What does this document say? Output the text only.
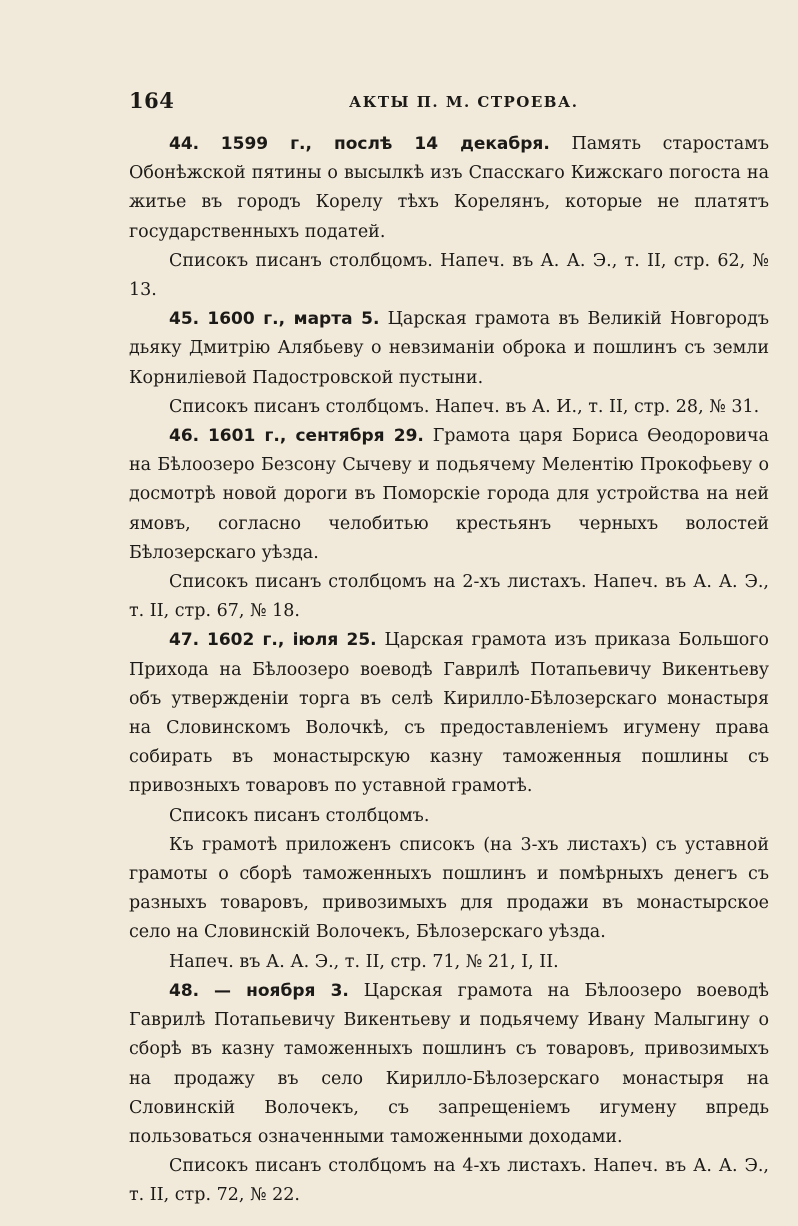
164	АКТЫ П. М. СТРОЕВА.

44. 1599 г., послѣ 14 декабря. Память старостамъ Обонѣжской пятины о высылкѣ изъ Спасскаго Кижскаго погоста на житье въ городъ Корелу тѣхъ Корелянъ, которые не платятъ государственныхъ податей.

Списокъ писанъ столбцомъ. Напеч. въ А. А. Э., т. II, стр. 62, № 13.

45. 1600 г., марта 5. Царская грамота въ Великій Новгородъ дьяку Дмитрію Алябьеву о невзиманіи оброка и пошлинъ съ земли Корниліевой Падостровской пустыни.

Списокъ писанъ столбцомъ. Напеч. въ А. И., т. II, стр. 28, № 31.

46. 1601 г., сентября 29. Грамота царя Бориса Ѳеодоровича на Бѣлоозеро Безсону Сычеву и подьячему Мелентію Прокофьеву о досмотрѣ новой дороги въ Поморскіе города для устройства на ней ямовъ, согласно челобитью крестьянъ черныхъ волостей Бѣлозерскаго уѣзда.

Списокъ писанъ столбцомъ на 2-хъ листахъ. Напеч. въ А. А. Э., т. II, стр. 67, № 18.

47. 1602 г., іюля 25. Царская грамота изъ приказа Большого Прихода на Бѣлоозеро воеводѣ Гаврилѣ Потапьевичу Викентьеву объ утвержденіи торга въ селѣ Кирилло-Бѣлозерскаго монастыря на Словинскомъ Волочкѣ, съ предоставленіемъ игумену права собирать въ монастырскую казну таможенныя пошлины съ привозныхъ товаровъ по уставной грамотѣ.

Списокъ писанъ столбцомъ.

Къ грамотѣ приложенъ списокъ (на 3-хъ листахъ) съ уставной грамоты о сборѣ таможенныхъ пошлинъ и помѣрныхъ денегъ съ разныхъ товаровъ, привозимыхъ для продажи въ монастырское село на Словинскій Волочекъ, Бѣлозерскаго уѣзда.

Напеч. въ А. А. Э., т. II, стр. 71, № 21, I, II.

48. — ноября 3. Царская грамота на Бѣлоозеро воеводѣ Гаврилѣ Потапьевичу Викентьеву и подьячему Ивану Малыгину о сборѣ въ казну таможенныхъ пошлинъ съ товаровъ, привозимыхъ на продажу въ село Кирилло-Бѣлозерскаго монастыря на Словинскій Волочекъ, съ запрещеніемъ игумену впредь пользоваться означенными таможенными доходами.

Списокъ писанъ столбцомъ на 4-хъ листахъ. Напеч. въ А. А. Э., т. II, стр. 72, № 22.
